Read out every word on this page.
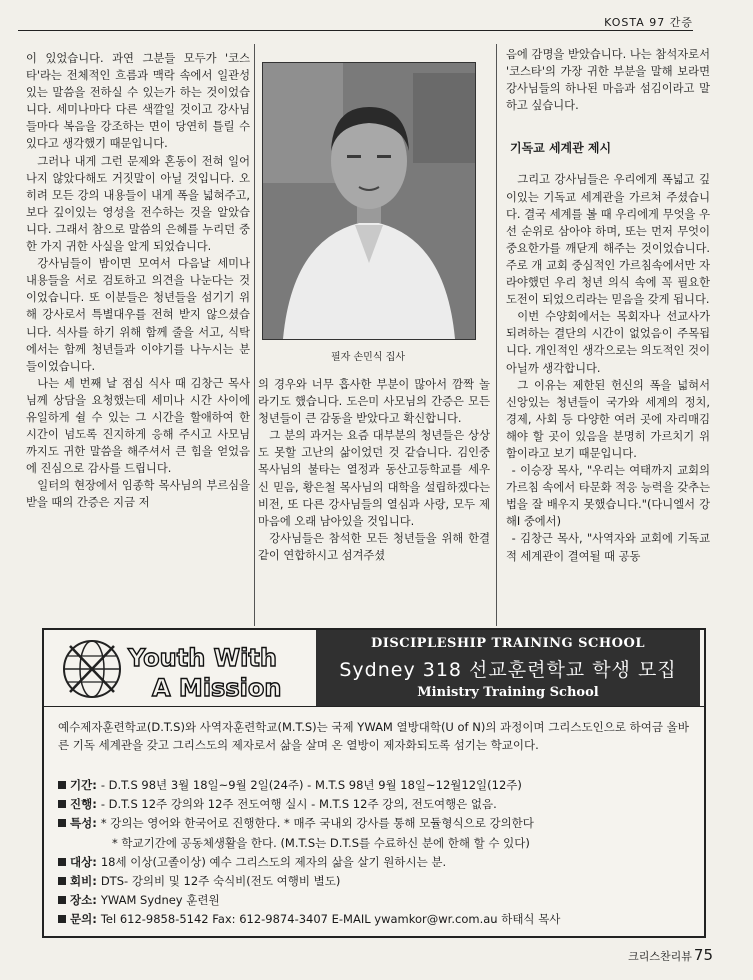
KOSTA 97 간증

이 있었습니다. 과연 그분들 모두가 '코스타'라는 전체적인 흐름과 맥락 속에서 일관성있는 말씀을 전하실 수 있는가 하는 것이었습니다. 세미나마다 다른 색깔일 것이고 강사님들마다 복음을 강조하는 면이 당연히 틀릴 수 있다고 생각했기 때문입니다.

그러나 내게 그런 문제와 혼동이 전혀 일어나지 않았다해도 거짓말이 아닐 것입니다. 오히려 모든 강의 내용들이 내게 폭을 넓혀주고, 보다 깊이있는 영성을 전수하는 것을 알았습니다. 그래서 참으로 말씀의 은혜를 누리던 중 한 가지 귀한 사실을 알게 되었습니다.

강사님들이 밤이면 모여서 다음날 세미나 내용들을 서로 검토하고 의견을 나눈다는 것이었습니다. 또 이분들은 청년들을 섬기기 위해 강사로서 특별대우를 전혀 받지 않으셨습니다. 식사를 하기 위해 함께 줄을 서고, 식탁에서는 함께 청년들과 이야기를 나누시는 분들이었습니다.

나는 세 번째 날 점심 식사 때 김창근 목사님께 상담을 요청했는데 세미나 시간 사이에 유일하게 쉴 수 있는 그 시간을 할애하여 한 시간이 넘도록 진지하게 응해 주시고 사모님까지도 귀한 말씀을 해주셔서 큰 힘을 얻었음에 진심으로 감사를 드립니다.

일터의 현장에서 임종학 목사님의 부르심을 받을 때의 간증은 지금 저

필자 손민식 집사

의 경우와 너무 흡사한 부분이 많아서 깜짝 놀라기도 했습니다. 도은미 사모님의 간증은 모든 청년들이 큰 감동을 받았다고 확신합니다.

그 분의 과거는 요즘 대부분의 청년들은 상상도 못할 고난의 삶이었던 것 같습니다. 김인중 목사님의 불타는 열정과 동산고등학교를 세우신 믿음, 황은철 목사님의 대학을 설립하겠다는 비전, 또 다른 강사님들의 열심과 사랑, 모두 제 마음에 오래 남아있을 것입니다.

강사님들은 참석한 모든 청년들을 위해 한결같이 연합하시고 섬겨주셨

음에 감명을 받았습니다. 나는 참석자로서 '코스타'의 가장 귀한 부분을 말해 보라면 강사님들의 하나된 마음과 섬김이라고 말하고 싶습니다.

기독교 세계관 제시

그리고 강사님들은 우리에게 폭넓고 깊이있는 기독교 세계관을 가르쳐 주셨습니다. 결국 세계를 볼 때 우리에게 무엇을 우선 순위로 삼아야 하며, 또는 먼저 무엇이 중요한가를 깨닫게 해주는 것이었습니다. 주로 개 교회 중심적인 가르침속에서만 자라야했던 우리 청년 의식 속에 꼭 필요한 도전이 되었으리라는 믿음을 갖게 됩니다.

이번 수양회에서는 목회자나 선교사가 되려하는 결단의 시간이 없었음이 주목됩니다. 개인적인 생각으로는 의도적인 것이 아닐까 생각합니다.

그 이유는 제한된 헌신의 폭을 넓혀서 신앙있는 청년들이 국가와 세계의 정치, 경제, 사회 등 다양한 여러 곳에 자리매김해야 할 곳이 있음을 분명히 가르치기 위함이라고 보기 때문입니다.

- 이승장 목사, "우리는 여태까지 교회의 가르침 속에서 타문화 적응 능력을 갖추는 법을 잘 배우지 못했습니다."(다니엘서 강해I 중에서)

- 김창근 목사, "사역자와 교회에 기독교적 세계관이 결여될 때 공동

Youth With
A Mission
DISCIPLESHIP TRAINING SCHOOL
Sydney 318 선교훈련학교 학생 모집
Ministry Training School
예수제자훈련학교(D.T.S)와 사역자훈련학교(M.T.S)는 국제 YWAM 열방대학(U of N)의 과정이며 그리스도인으로 하여금 올바른 기독 세계관을 갖고 그리스도의 제자로서 삶을 살며 온 열방이 제자화되도록 섬기는 학교이다.
기간: - D.T.S 98년 3월 18일~9월 2일(24주) - M.T.S 98년 9월 18일~12월12일(12주)
진행: - D.T.S 12주 강의와 12주 전도여행 실시 - M.T.S 12주 강의, 전도여행은 없음.
특성: * 강의는 영어와 한국어로 진행한다. * 매주 국내외 강사를 통해 모듈형식으로 강의한다
* 학교기간에 공동체생활을 한다. (M.T.S는 D.T.S를 수료하신 분에 한해 할 수 있다)
대상: 18세 이상(고졸이상) 예수 그리스도의 제자의 삶을 살기 원하시는 분.
회비: DTS- 강의비 및 12주 숙식비(전도 여행비 별도)
장소: YWAM Sydney 훈련원
문의: Tel 612-9858-5142 Fax: 612-9874-3407 E-MAIL ywamkor@wr.com.au 하태식 목사
크리스찬리뷰 75
